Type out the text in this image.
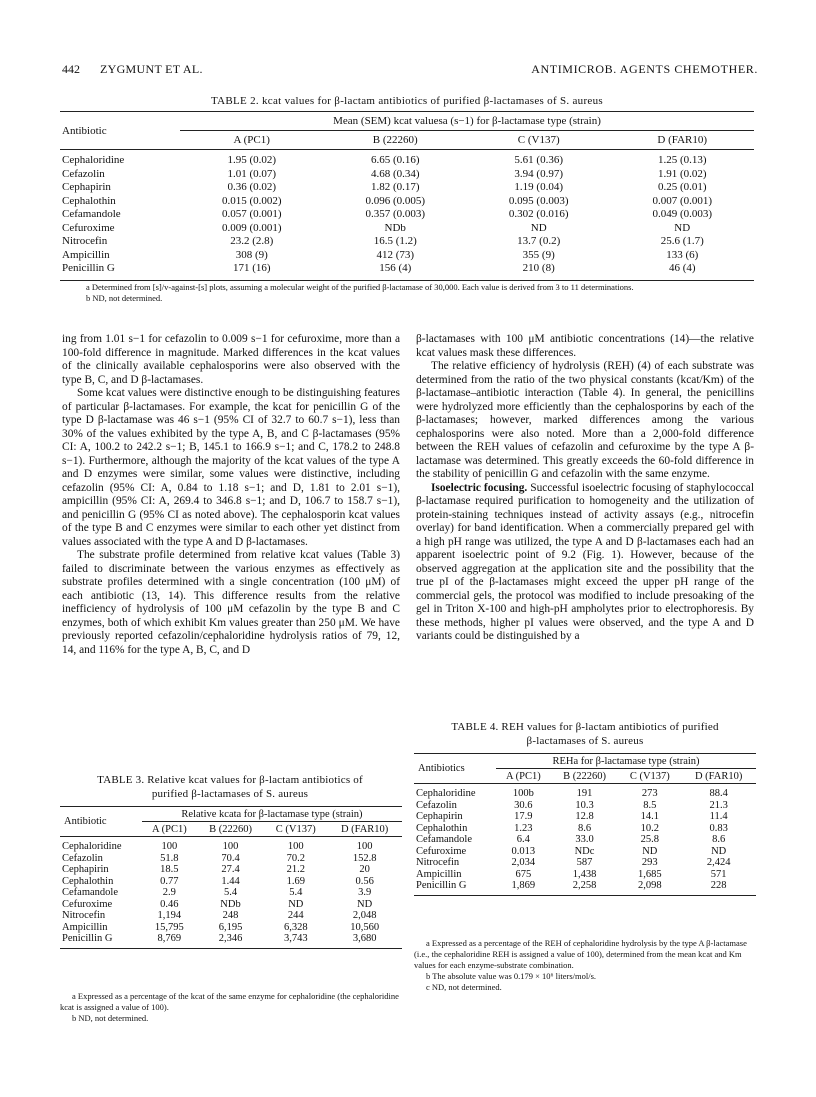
442 ZYGMUNT ET AL.	ANTIMICROB. AGENTS CHEMOTHER.
TABLE 2. kcat values for β-lactam antibiotics of purified β-lactamases of S. aureus
Antibiotic	Mean (SEM) kcat valuesa (s−1) for β-lactamase type (strain)			
	A (PC1)	B (22260)	C (V137)	D (FAR10)
Cephaloridine	1.95 (0.02)	6.65 (0.16)	5.61 (0.36)	1.25 (0.13)
Cefazolin	1.01 (0.07)	4.68 (0.34)	3.94 (0.97)	1.91 (0.02)
Cephapirin	0.36 (0.02)	1.82 (0.17)	1.19 (0.04)	0.25 (0.01)
Cephalothin	0.015 (0.002)	0.096 (0.005)	0.095 (0.003)	0.007 (0.001)
Cefamandole	0.057 (0.001)	0.357 (0.003)	0.302 (0.016)	0.049 (0.003)
Cefuroxime	0.009 (0.001)	NDb	ND	ND
Nitrocefin	23.2 (2.8)	16.5 (1.2)	13.7 (0.2)	25.6 (1.7)
Ampicillin	308 (9)	412 (73)	355 (9)	133 (6)
Penicillin G	171 (16)	156 (4)	210 (8)	46 (4)

a Determined from [s]/v-against-[s] plots, assuming a molecular weight of the purified β-lactamase of 30,000. Each value is derived from 3 to 11 determinations.

b ND, not determined.

ing from 1.01 s−1 for cefazolin to 0.009 s−1 for cefuroxime, more than a 100-fold difference in magnitude. Marked differences in the kcat values of the clinically available cephalosporins were also observed with the type B, C, and D β-lactamases.

Some kcat values were distinctive enough to be distinguishing features of particular β-lactamases. For example, the kcat for penicillin G of the type D β-lactamase was 46 s−1 (95% CI of 32.7 to 60.7 s−1), less than 30% of the values exhibited by the type A, B, and C β-lactamases (95% CI: A, 100.2 to 242.2 s−1; B, 145.1 to 166.9 s−1; and C, 178.2 to 248.8 s−1). Furthermore, although the majority of the kcat values of the type A and D enzymes were similar, some values were distinctive, including cefazolin (95% CI: A, 0.84 to 1.18 s−1; and D, 1.81 to 2.01 s−1), ampicillin (95% CI: A, 269.4 to 346.8 s−1; and D, 106.7 to 158.7 s−1), and penicillin G (95% CI as noted above). The cephalosporin kcat values of the type B and C enzymes were similar to each other yet distinct from values associated with the type A and D β-lactamases.

The substrate profile determined from relative kcat values (Table 3) failed to discriminate between the various enzymes as effectively as substrate profiles determined with a single concentration (100 μM) of each antibiotic (13, 14). This difference results from the relative inefficiency of hydrolysis of 100 μM cefazolin by the type B and C enzymes, both of which exhibit Km values greater than 250 μM. We have previously reported cefazolin/cephaloridine hydrolysis ratios of 79, 12, 14, and 116% for the type A, B, C, and D

β-lactamases with 100 μM antibiotic concentrations (14)—the relative kcat values mask these differences.

The relative efficiency of hydrolysis (REH) (4) of each substrate was determined from the ratio of the two physical constants (kcat/Km) of the β-lactamase–antibiotic interaction (Table 4). In general, the penicillins were hydrolyzed more efficiently than the cephalosporins by each of the β-lactamases; however, marked differences among the various cephalosporins were also noted. More than a 2,000-fold difference between the REH values of cefazolin and cefuroxime by the type A β-lactamase was determined. This greatly exceeds the 60-fold difference in the stability of penicillin G and cefazolin with the same enzyme.

Isoelectric focusing. Successful isoelectric focusing of staphylococcal β-lactamase required purification to homogeneity and the utilization of protein-staining techniques instead of activity assays (e.g., nitrocefin overlay) for band identification. When a commercially prepared gel with a high pH range was utilized, the type A and D β-lactamases each had an apparent isoelectric point of 9.2 (Fig. 1). However, because of the observed aggregation at the application site and the possibility that the true pI of the β-lactamases might exceed the upper pH range of the commercial gels, the protocol was modified to include presoaking of the gel in Triton X-100 and high-pH ampholytes prior to electrophoresis. By these methods, higher pI values were observed, and the type A and D variants could be distinguished by a

TABLE 3. Relative kcat values for β-lactam antibiotics of
purified β-lactamases of S. aureus
Antibiotic	Relative kcata for β-lactamase type (strain)			
	A (PC1)	B (22260)	C (V137)	D (FAR10)
Cephaloridine	100	100	100	100
Cefazolin	51.8	70.4	70.2	152.8
Cephapirin	18.5	27.4	21.2	20
Cephalothin	0.77	1.44	1.69	0.56
Cefamandole	2.9	5.4	5.4	3.9
Cefuroxime	0.46	NDb	ND	ND
Nitrocefin	1,194	248	244	2,048
Ampicillin	15,795	6,195	6,328	10,560
Penicillin G	8,769	2,346	3,743	3,680

a Expressed as a percentage of the kcat of the same enzyme for cephaloridine (the cephaloridine kcat is assigned a value of 100).

b ND, not determined.

TABLE 4. REH values for β-lactam antibiotics of purified
β-lactamases of S. aureus
Antibiotics	REHa for β-lactamase type (strain)			
	A (PC1)	B (22260)	C (V137)	D (FAR10)
Cephaloridine	100b	191	273	88.4
Cefazolin	30.6	10.3	8.5	21.3
Cephapirin	17.9	12.8	14.1	11.4
Cephalothin	1.23	8.6	10.2	0.83
Cefamandole	6.4	33.0	25.8	8.6
Cefuroxime	0.013	NDc	ND	ND
Nitrocefin	2,034	587	293	2,424
Ampicillin	675	1,438	1,685	571
Penicillin G	1,869	2,258	2,098	228

a Expressed as a percentage of the REH of cephaloridine hydrolysis by the type A β-lactamase (i.e., the cephaloridine REH is assigned a value of 100), determined from the mean kcat and Km values for each enzyme-substrate combination.

b The absolute value was 0.179 × 10⁶ liters/mol/s.

c ND, not determined.
